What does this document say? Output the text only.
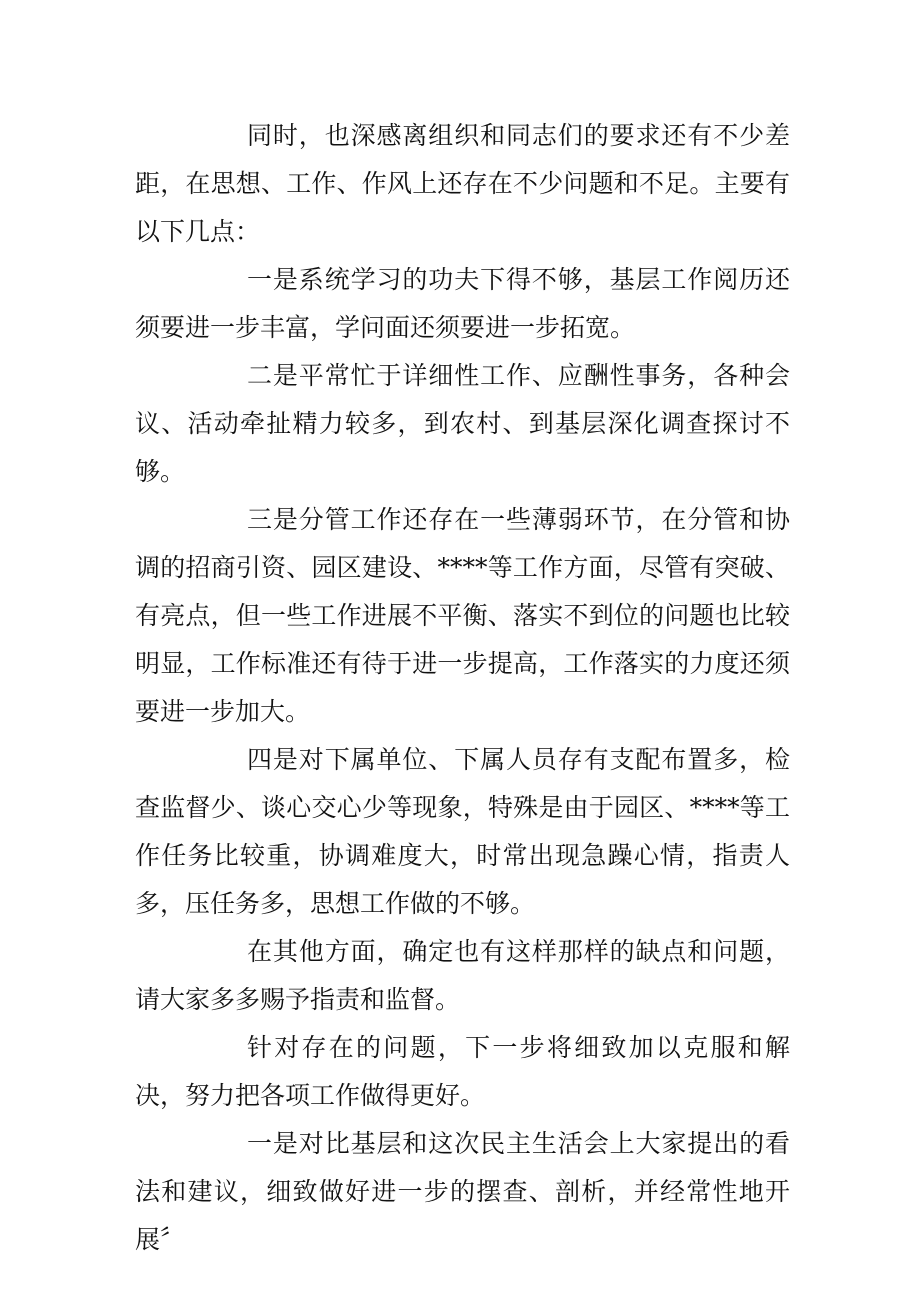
同时，也深感离组织和同志们的要求还有不少差距，在思想、工作、作风上还存在不少问题和不足。主要有以下几点：

一是系统学习的功夫下得不够，基层工作阅历还须要进一步丰富，学问面还须要进一步拓宽。

二是平常忙于详细性工作、应酬性事务，各种会议、活动牵扯精力较多，到农村、到基层深化调查探讨不够。

三是分管工作还存在一些薄弱环节，在分管和协调的招商引资、园区建设、****等工作方面，尽管有突破、有亮点，但一些工作进展不平衡、落实不到位的问题也比较明显，工作标准还有待于进一步提高，工作落实的力度还须要进一步加大。

四是对下属单位、下属人员存有支配布置多，检查监督少、谈心交心少等现象，特殊是由于园区、****等工作任务比较重，协调难度大，时常出现急躁心情，指责人多，压任务多，思想工作做的不够。

在其他方面，确定也有这样那样的缺点和问题，请大家多多赐予指责和监督。

针对存在的问题，下一步将细致加以克服和解决，努力把各项工作做得更好。

一是对比基层和这次民主生活会上大家提出的看法和建议，细致做好进一步的摆查、剖析，并经常性地开展〞
